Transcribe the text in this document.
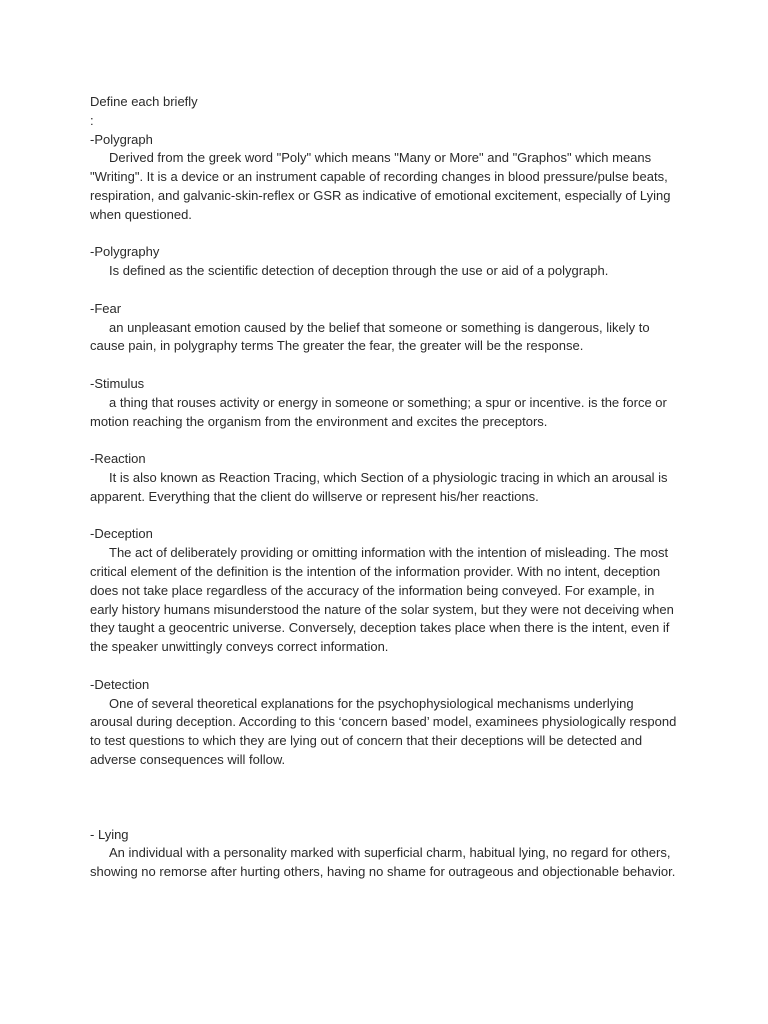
Define each briefly

:

-Polygraph

Derived from the greek word "Poly" which means "Many or More" and "Graphos" which means "Writing". It is a device or an instrument capable of recording changes in blood pressure/pulse beats, respiration, and galvanic-skin-reflex or GSR as indicative of emotional excitement, especially of Lying when questioned.

-Polygraphy

Is defined as the scientific detection of deception through the use or aid of a polygraph.

-Fear

an unpleasant emotion caused by the belief that someone or something is dangerous, likely to cause pain, in polygraphy terms The greater the fear, the greater will be the response.

-Stimulus

a thing that rouses activity or energy in someone or something; a spur or incentive. is the force or motion reaching the organism from the environment and excites the preceptors.

-Reaction

It is also known as Reaction Tracing, which Section of a physiologic tracing in which an arousal is apparent. Everything that the client do willserve or represent his/her reactions.

-Deception

The act of deliberately providing or omitting information with the intention of misleading. The most critical element of the definition is the intention of the information provider. With no intent, deception does not take place regardless of the accuracy of the information being conveyed. For example, in early history humans misunderstood the nature of the solar system, but they were not deceiving when they taught a geocentric universe. Conversely, deception takes place when there is the intent, even if the speaker unwittingly conveys correct information.

-Detection

One of several theoretical explanations for the psychophysiological mechanisms underlying arousal during deception. According to this ‘concern based’ model, examinees physiologically respond to test questions to which they are lying out of concern that their deceptions will be detected and adverse consequences will follow.

- Lying

An individual with a personality marked with superficial charm, habitual lying, no regard for others, showing no remorse after hurting others, having no shame for outrageous and objectionable behavior.
